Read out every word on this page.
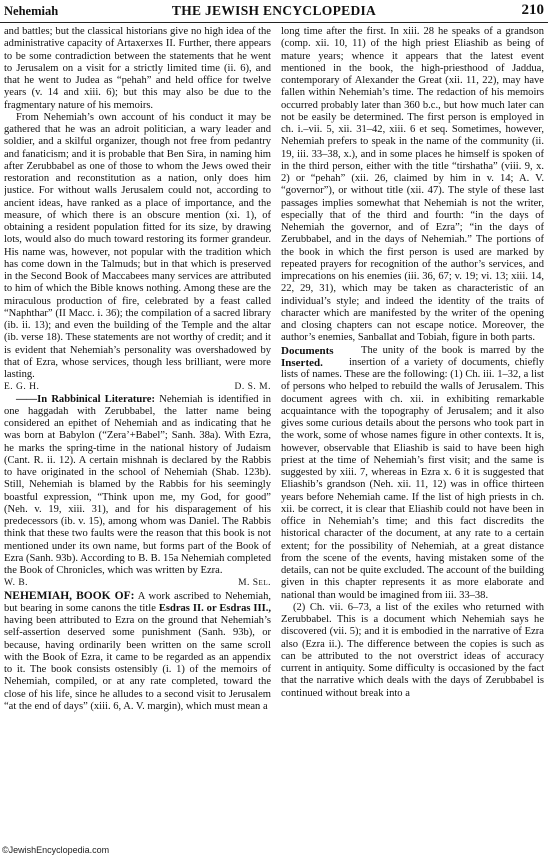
Nehemiah	THE JEWISH ENCYCLOPEDIA	210

and battles; but the classical historians give no high idea of the administrative capacity of Artaxerxes II. Further, there appears to be some contradiction between the statements that he went to Jerusalem on a visit for a strictly limited time (ii. 6), and that he went to Judea as “pehah” and held office for twelve years (v. 14 and xiii. 6); but this may also be due to the fragmentary nature of his memoirs.

From Nehemiah’s own account of his conduct it may be gathered that he was an adroit politician, a wary leader and soldier, and a skilful organizer, though not free from pedantry and fanaticism; and it is probable that Ben Sira, in naming him after Zerubbabel as one of those to whom the Jews owed their restoration and reconstitution as a nation, only does him justice. For without walls Jerusalem could not, according to ancient ideas, have ranked as a place of importance, and the measure, of which there is an obscure mention (xi. 1), of obtaining a resident population fitted for its size, by drawing lots, would also do much toward restoring its former grandeur. His name was, however, not popular with the tradition which has come down in the Talmuds; but in that which is preserved in the Second Book of Maccabees many services are attributed to him of which the Bible knows nothing. Among these are the miraculous production of fire, celebrated by a feast called “Naphthar” (II Macc. i. 36); the compilation of a sacred library (ib. ii. 13); and even the building of the Temple and the altar (ib. verse 18). These statements are not worthy of credit; and it is evident that Nehemiah’s personality was overshadowed by that of Ezra, whose services, though less brilliant, were more lasting.

E. G. H.	D. S. M.

——In Rabbinical Literature: Nehemiah is identified in one haggadah with Zerubbabel, the latter name being considered an epithet of Nehemiah and as indicating that he was born at Babylon (“Zera’+Babel”; Sanh. 38a). With Ezra, he marks the spring-time in the national history of Judaism (Cant. R. ii. 12). A certain mishnah is declared by the Rabbis to have originated in the school of Nehemiah (Shab. 123b). Still, Nehemiah is blamed by the Rabbis for his seemingly boastful expression, “Think upon me, my God, for good” (Neh. v. 19, xiii. 31), and for his disparagement of his predecessors (ib. v. 15), among whom was Daniel. The Rabbis think that these two faults were the reason that this book is not mentioned under its own name, but forms part of the Book of Ezra (Sanh. 93b). According to B. B. 15a Nehemiah completed the Book of Chronicles, which was written by Ezra.

W. B.	M. Sel.

NEHEMIAH, BOOK OF: A work ascribed to Nehemiah, but bearing in some canons the title Esdras II. or Esdras III., having been attributed to Ezra on the ground that Nehemiah’s self-assertion deserved some punishment (Sanh. 93b), or because, having ordinarily been written on the same scroll with the Book of Ezra, it came to be regarded as an appendix to it. The book consists ostensibly (i. 1) of the memoirs of Nehemiah, compiled, or at any rate completed, toward the close of his life, since he alludes to a second visit to Jerusalem “at the end of days” (xiii. 6, A. V. margin), which must mean a

long time after the first. In xiii. 28 he speaks of a grandson (comp. xii. 10, 11) of the high priest Eliashib as being of mature years; whence it appears that the latest event mentioned in the book, the high-priesthood of Jaddua, contemporary of Alexander the Great (xii. 11, 22), may have fallen within Nehemiah’s time. The redaction of his memoirs occurred probably later than 360 b.c., but how much later can not be easily be determined. The first person is employed in ch. i.–vii. 5, xii. 31–42, xiii. 6 et seq. Sometimes, however, Nehemiah prefers to speak in the name of the community (ii. 19, iii. 33–38, x.), and in some places he himself is spoken of in the third person, either with the title “tirshatha” (viii. 9, x. 2) or “pehah” (xii. 26, claimed by him in v. 14; A. V. “governor”), or without title (xii. 47). The style of these last passages implies somewhat that Nehemiah is not the writer, especially that of the third and fourth: “in the days of Nehemiah the governor, and of Ezra”; “in the days of Zerubbabel, and in the days of Nehemiah.” The portions of the book in which the first person is used are marked by repeated prayers for recognition of the author’s services, and imprecations on his enemies (iii. 36, 67; v. 19; vi. 13; xiii. 14, 22, 29, 31), which may be taken as characteristic of an individual’s style; and indeed the identity of the traits of character which are manifested by the writer of the opening and closing chapters can not escape notice. Moreover, the author’s enemies, Sanballat and Tobiah, figure in both parts.

Documents
Inserted.
The unity of the book is marred by the insertion of a variety of documents, chiefly lists of names. These are the following: (1) Ch. iii. 1–32, a list of persons who helped to rebuild the walls of Jerusalem. This document agrees with ch. xii. in exhibiting remarkable acquaintance with the topography of Jerusalem; and it also gives some curious details about the persons who took part in the work, some of whose names figure in other contexts. It is, however, observable that Eliashib is said to have been high priest at the time of Nehemiah’s first visit; and the same is suggested by xiii. 7, whereas in Ezra x. 6 it is suggested that Eliashib’s grandson (Neh. xii. 11, 12) was in office thirteen years before Nehemiah came. If the list of high priests in ch. xii. be correct, it is clear that Eliashib could not have been in office in Nehemiah’s time; and this fact discredits the historical character of the document, at any rate to a certain extent; for the possibility of Nehemiah, at a great distance from the scene of the events, having mistaken some of the details, can not be quite excluded. The account of the building given in this chapter represents it as more elaborate and national than would be imagined from iii. 33–38.

(2) Ch. vii. 6–73, a list of the exiles who returned with Zerubbabel. This is a document which Nehemiah says he discovered (vii. 5); and it is embodied in the narrative of Ezra also (Ezra ii.). The difference between the copies is such as can be attributed to the not overstrict ideas of accuracy current in antiquity. Some difficulty is occasioned by the fact that the narrative which deals with the days of Zerubbabel is continued without break into a

©JewishEncyclopedia.com
